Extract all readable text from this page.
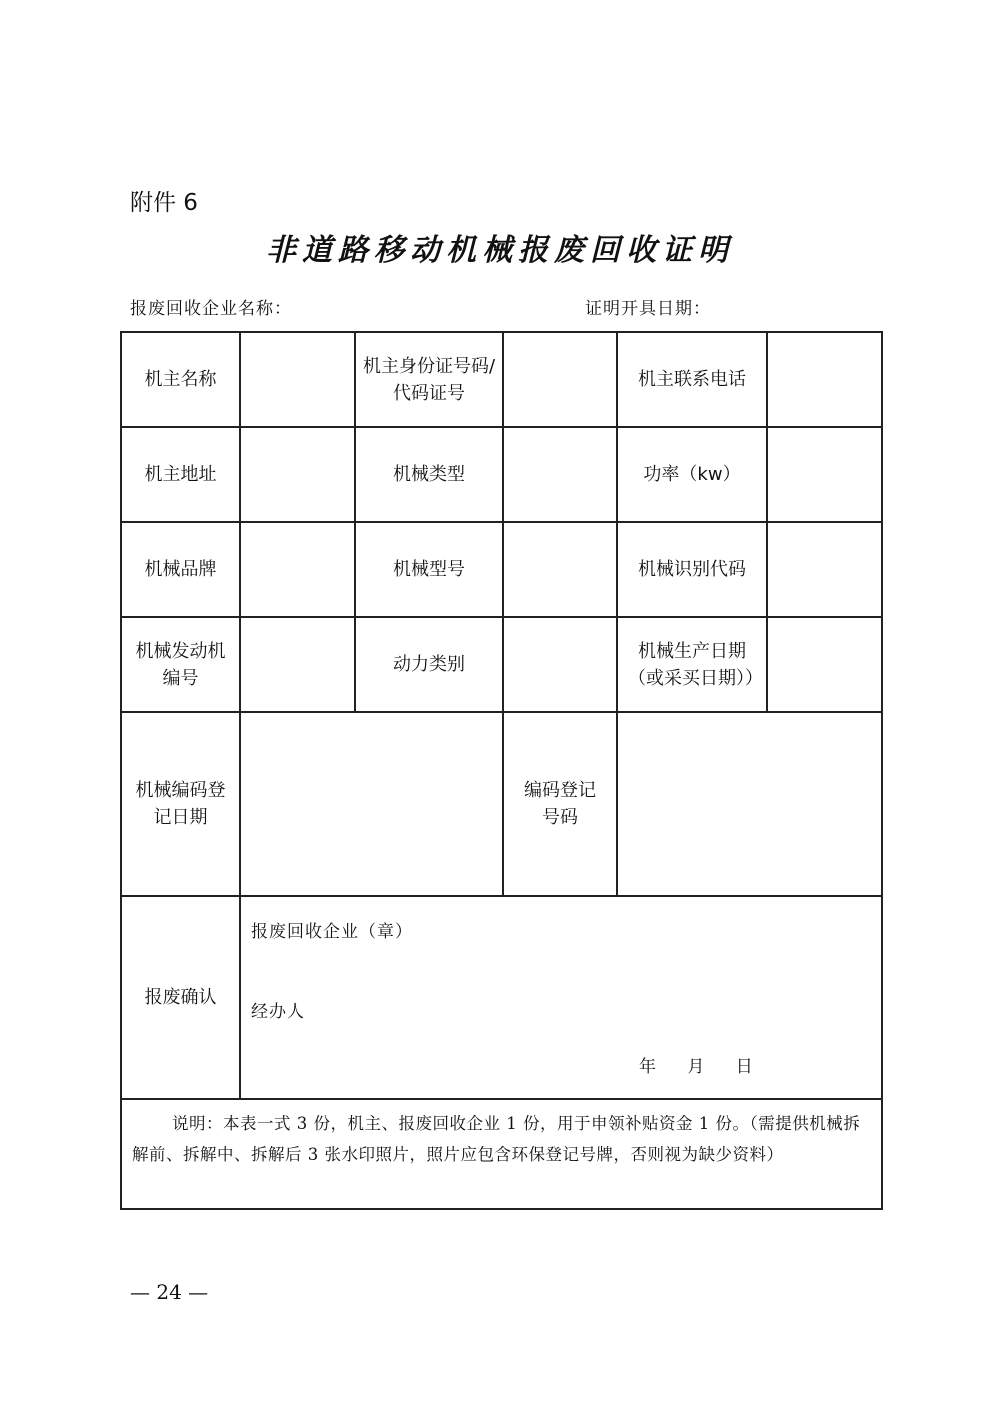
附件 6
非道路移动机械报废回收证明
报废回收企业名称：	证明开具日期：
机主名称		机主身份证号码/代码证号		机主联系电话	
机主地址		机械类型		功率（kw）	
机械品牌		机械型号		机械识别代码	
机械发动机编号		动力类别		机械生产日期（或采买日期））	
机械编码登记日期			编码登记号码		
报废确认	报废回收企业（章）
经办人
年 月 日				

说明：本表一式 3 份，机主、报废回收企业 1 份，用于申领补贴资金 1 份。（需提供机械拆解前、拆解中、拆解后 3 张水印照片，照片应包含环保登记号牌，否则视为缺少资料）					
— 24 —
